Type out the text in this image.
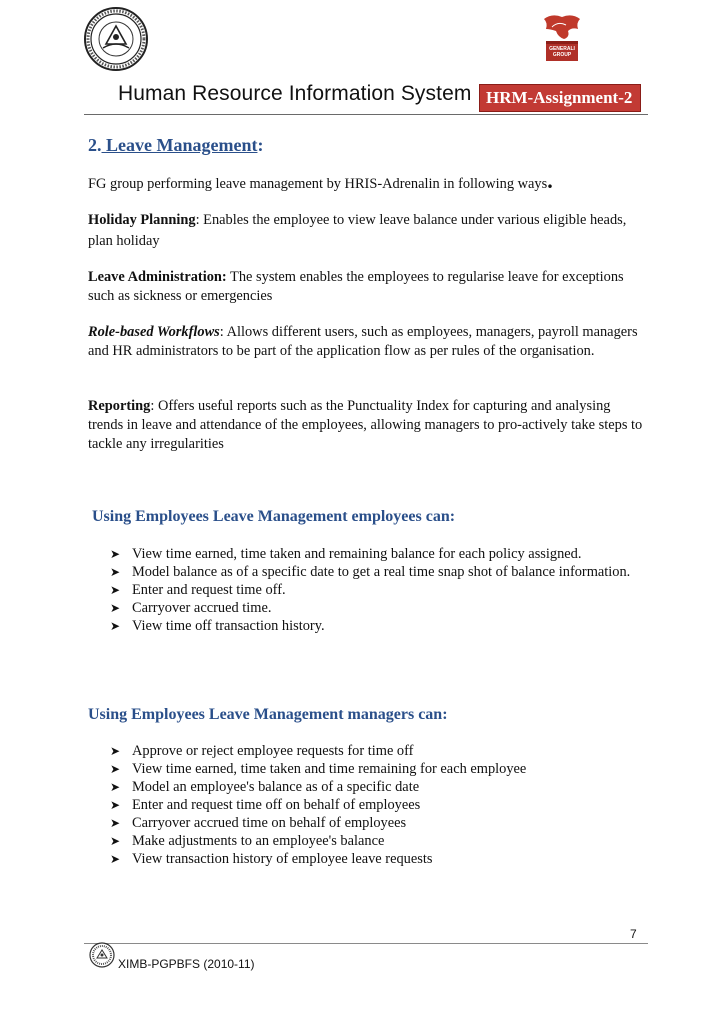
GENERALI
GROUP
Human Resource Information System HRM-Assignment-2
2. Leave Management:
FG group performing leave management by HRIS-Adrenalin in following ways.
Holiday Planning: Enables the employee to view leave balance under various eligible heads, plan holiday
Leave Administration: The system enables the employees to regularise leave for exceptions such as sickness or emergencies
Role-based Workflows: Allows different users, such as employees, managers, payroll managers and HR administrators to be part of the application flow as per rules of the organisation.
Reporting: Offers useful reports such as the Punctuality Index for capturing and analysing trends in leave and attendance of the employees, allowing managers to pro-actively take steps to tackle any irregularities
Using Employees Leave Management employees can:
➤ View time earned, time taken and remaining balance for each policy assigned.
➤ Model balance as of a specific date to get a real time snap shot of balance information.
➤ Enter and request time off.
➤ Carryover accrued time.
➤ View time off transaction history.
Using Employees Leave Management managers can:
➤ Approve or reject employee requests for time off
➤ View time earned, time taken and time remaining for each employee
➤ Model an employee's balance as of a specific date
➤ Enter and request time off on behalf of employees
➤ Carryover accrued time on behalf of employees
➤ Make adjustments to an employee's balance
➤ View transaction history of employee leave requests
7
XIMB-PGPBFS (2010-11)
